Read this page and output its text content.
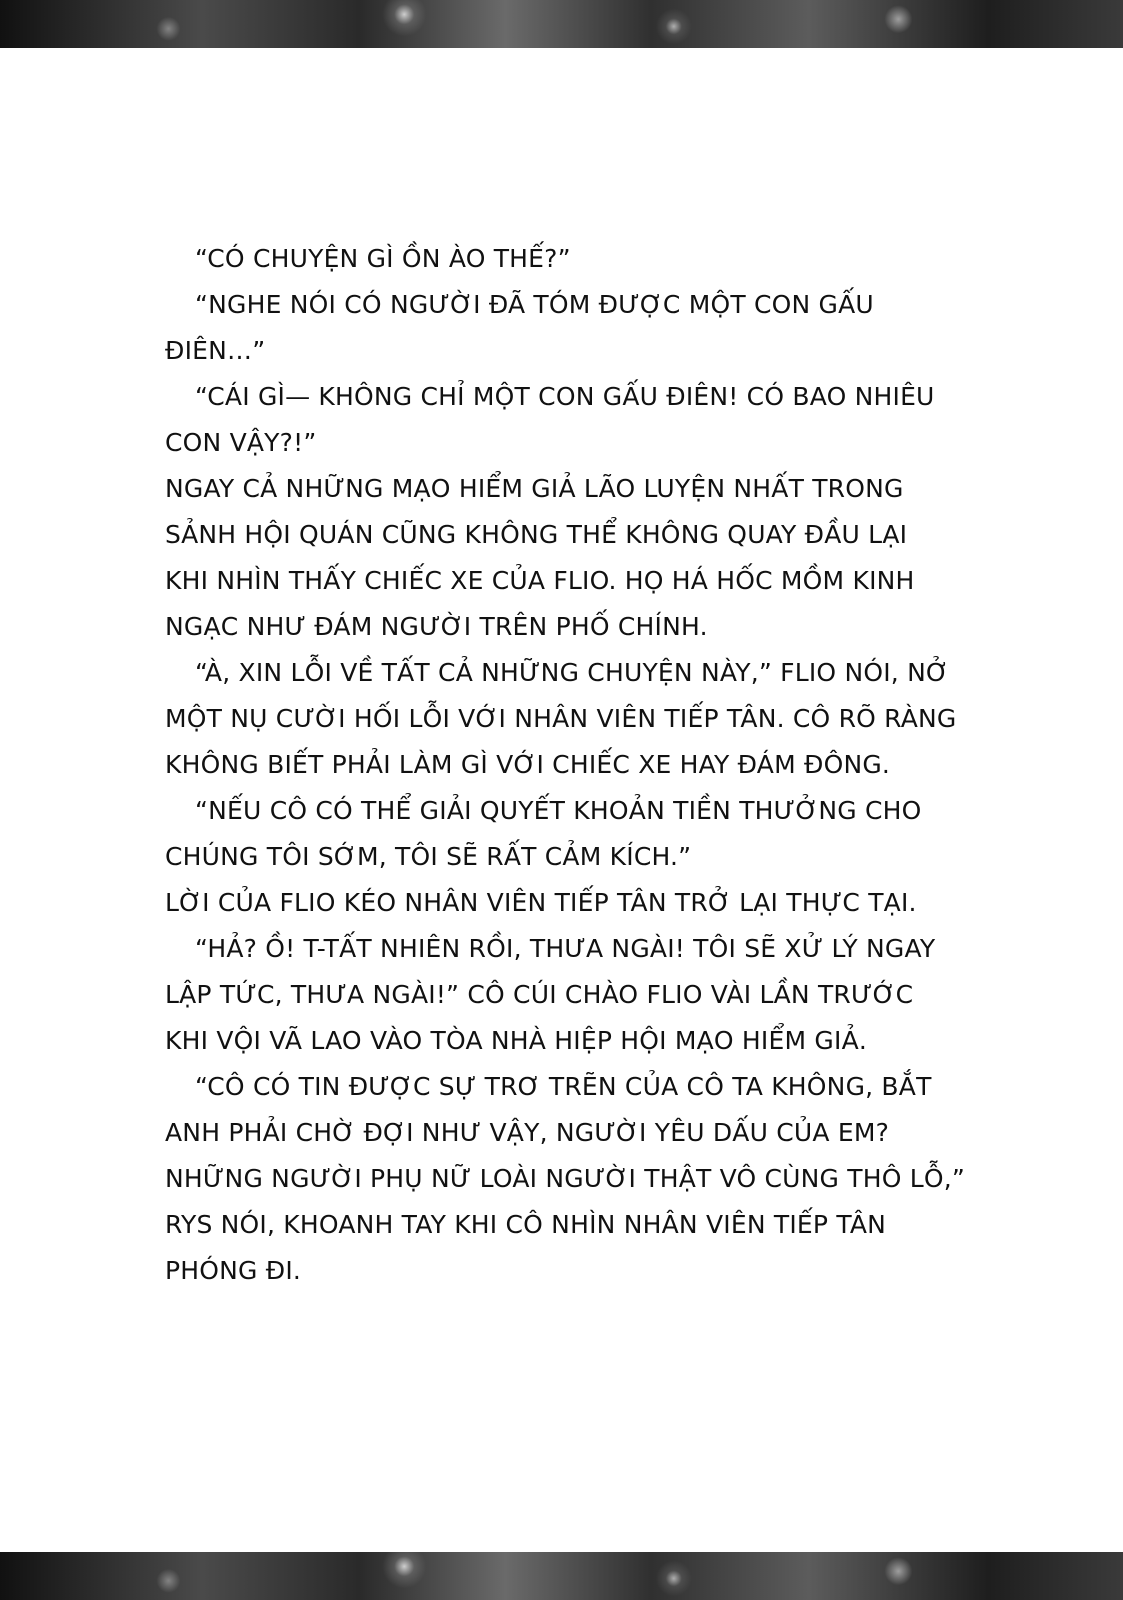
“CÓ CHUYỆN GÌ ỒN ÀO THẾ?”
“NGHE NÓI CÓ NGƯỜI ĐÃ TÓM ĐƯỢC MỘT CON GẤU
ĐIÊN…”
“CÁI GÌ— KHÔNG CHỈ MỘT CON GẤU ĐIÊN! CÓ BAO NHIÊU
CON VẬY?!”
NGAY CẢ NHỮNG MẠO HIỂM GIẢ LÃO LUYỆN NHẤT TRONG
SẢNH HỘI QUÁN CŨNG KHÔNG THỂ KHÔNG QUAY ĐẦU LẠI
KHI NHÌN THẤY CHIẾC XE CỦA FLIO. HỌ HÁ HỐC MỒM KINH
NGẠC NHƯ ĐÁM NGƯỜI TRÊN PHỐ CHÍNH.
“À, XIN LỖI VỀ TẤT CẢ NHỮNG CHUYỆN NÀY,” FLIO NÓI, NỞ
MỘT NỤ CƯỜI HỐI LỖI VỚI NHÂN VIÊN TIẾP TÂN. CÔ RÕ RÀNG
KHÔNG BIẾT PHẢI LÀM GÌ VỚI CHIẾC XE HAY ĐÁM ĐÔNG.
“NẾU CÔ CÓ THỂ GIẢI QUYẾT KHOẢN TIỀN THƯỞNG CHO
CHÚNG TÔI SỚM, TÔI SẼ RẤT CẢM KÍCH.”
LỜI CỦA FLIO KÉO NHÂN VIÊN TIẾP TÂN TRỞ LẠI THỰC TẠI.
“HẢ? Ồ! T-TẤT NHIÊN RỒI, THƯA NGÀI! TÔI SẼ XỬ LÝ NGAY
LẬP TỨC, THƯA NGÀI!” CÔ CÚI CHÀO FLIO VÀI LẦN TRƯỚC
KHI VỘI VÃ LAO VÀO TÒA NHÀ HIỆP HỘI MẠO HIỂM GIẢ.
“CÔ CÓ TIN ĐƯỢC SỰ TRƠ TRẼN CỦA CÔ TA KHÔNG, BẮT
ANH PHẢI CHỜ ĐỢI NHƯ VẬY, NGƯỜI YÊU DẤU CỦA EM?
NHỮNG NGƯỜI PHỤ NỮ LOÀI NGƯỜI THẬT VÔ CÙNG THÔ LỖ,”
RYS NÓI, KHOANH TAY KHI CÔ NHÌN NHÂN VIÊN TIẾP TÂN
PHÓNG ĐI.
